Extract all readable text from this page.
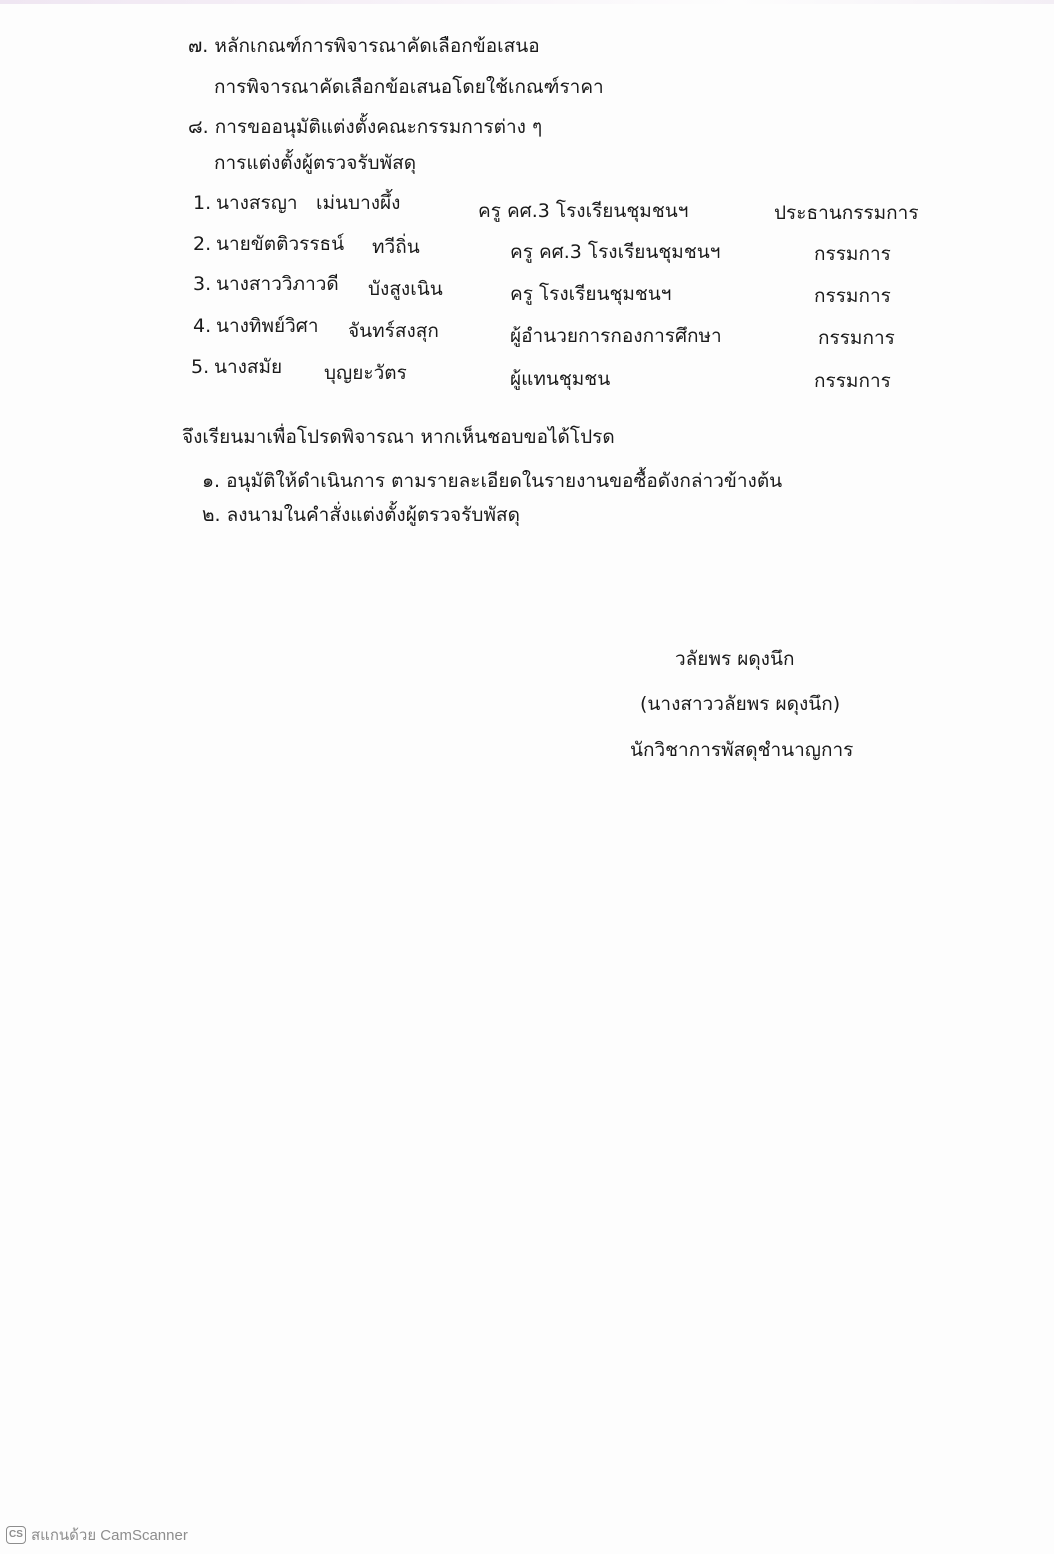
๗. หลักเกณฑ์การพิจารณาคัดเลือกข้อเสนอ
การพิจารณาคัดเลือกข้อเสนอโดยใช้เกณฑ์ราคา
๘. การขออนุมัติแต่งตั้งคณะกรรมการต่าง ๆ
การแต่งตั้งผู้ตรวจรับพัสดุ
1. นางสรญา เม่นบางผึ้ง	ครู คศ.3 โรงเรียนชุมชนฯ	ประธานกรรมการ
2. นายขัตติวรรธน์ ทวีถิ่น	ครู คศ.3 โรงเรียนชุมชนฯ	กรรมการ
3. นางสาววิภาวดี บังสูงเนิน	ครู โรงเรียนชุมชนฯ	กรรมการ
4. นางทิพย์วิศา จันทร์สงสุก	ผู้อำนวยการกองการศึกษา	กรรมการ
5. นางสมัย บุญยะวัตร	ผู้แทนชุมชน	กรรมการ
จึงเรียนมาเพื่อโปรดพิจารณา หากเห็นชอบขอได้โปรด
๑. อนุมัติให้ดำเนินการ ตามรายละเอียดในรายงานขอซื้อดังกล่าวข้างต้น
๒. ลงนามในคำสั่งแต่งตั้งผู้ตรวจรับพัสดุ
วลัยพร ผดุงนึก
(นางสาววลัยพร ผดุงนึก)
นักวิชาการพัสดุชำนาญการ
CS สแกนด้วย CamScanner
